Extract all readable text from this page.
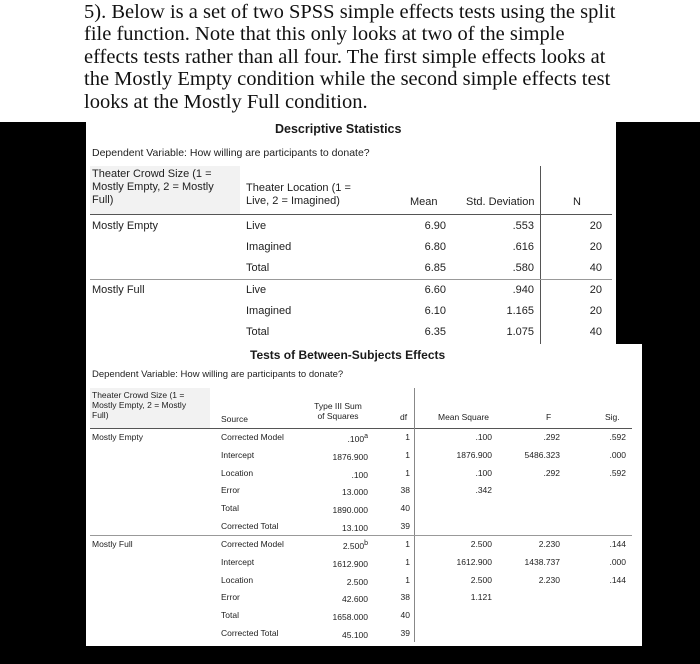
5). Below is a set of two SPSS simple effects tests using the split
file function. Note that this only looks at two of the simple
effects tests rather than all four. The first simple effects looks at
the Mostly Empty condition while the second simple effects test
looks at the Mostly Full condition.
Descriptive Statistics
Dependent Variable: How willing are participants to donate?
Theater Crowd Size (1 =
Mostly Empty, 2 = Mostly
Full)
Theater Location (1 =
Live, 2 = Imagined)	Mean	Std. Deviation	N
Mostly Empty	Live	6.90	.553	20
Imagined	6.80	.616	20
Total	6.85	.580	40
Mostly Full	Live	6.60	.940	20
Imagined	6.10	1.165	20
Total	6.35	1.075	40
Tests of Between-Subjects Effects
Dependent Variable: How willing are participants to donate?
Theater Crowd Size (1 =
Mostly Empty, 2 = Mostly
Full)	Source
Type III Sum
of Squares	df	Mean Square	F	Sig.
Mostly Empty	Corrected Model	.100$^a$	1	.100	.292	.592
Intercept	1876.900	1	1876.900	5486.323	.000
Location	.100	1	.100	.292	.592
Error	13.000	38	.342
Total	1890.000	40
Corrected Total	13.100	39
Mostly Full	Corrected Model	2.500$^b$	1	2.500	2.230	.144
Intercept	1612.900	1	1612.900	1438.737	.000
Location	2.500	1	2.500	2.230	.144
Error	42.600	38	1.121
Total	1658.000	40
Corrected Total	45.100	39
